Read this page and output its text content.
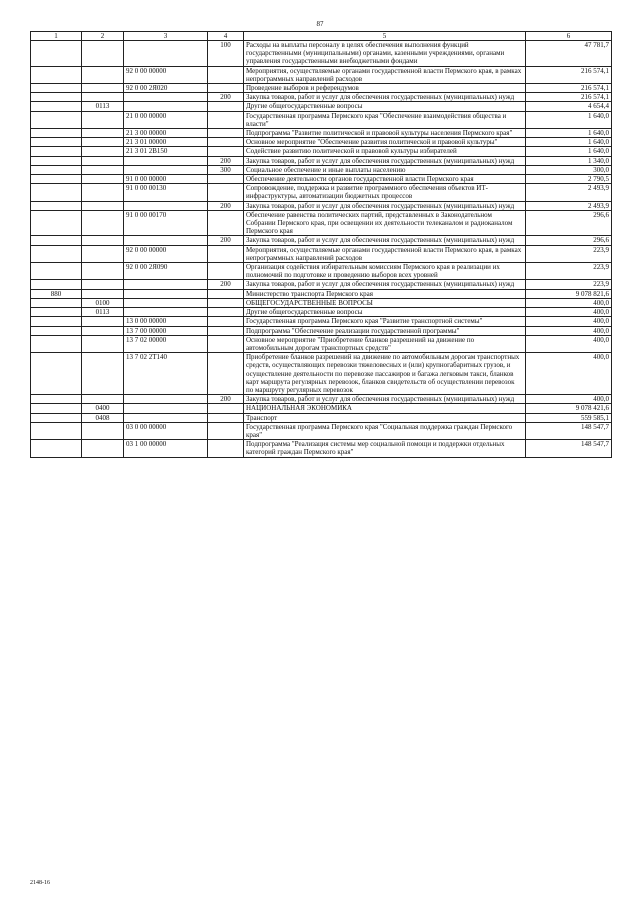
87
1	2	3	4	5	6
			100	Расходы на выплаты персоналу в целях обеспечения выполнения функций государственными (муниципальными) органами, казенными учреждениями, органами управления государственными внебюджетными фондами	47 781,7
		92 0 00 00000		Мероприятия, осуществляемые органами государственной власти Пермского края, в рамках непрограммных направлений расходов	216 574,1
		92 0 00 2Я020		Проведение выборов и референдумов	216 574,1
			200	Закупка товаров, работ и услуг для обеспечения государственных (муниципальных) нужд	216 574,1
	0113			Другие общегосударственные вопросы	4 654,4
		21 0 00 00000		Государственная программа Пермского края "Обеспечение взаимодействия общества и власти"	1 640,0
		21 3 00 00000		Подпрограмма "Развитие политической и правовой культуры населения Пермского края"	1 640,0
		21 3 01 00000		Основное мероприятие "Обеспечение развития политической и правовой культуры"	1 640,0
		21 3 01 2В150		Содействие развитию политической и правовой культуры избирателей	1 640,0
			200	Закупка товаров, работ и услуг для обеспечения государственных (муниципальных) нужд	1 340,0
			300	Социальное обеспечение и иные выплаты населению	300,0
		91 0 00 00000		Обеспечение деятельности органов государственной власти Пермского края	2 790,5
		91 0 00 00130		Сопровождение, поддержка и развитие программного обеспечения объектов ИТ-инфраструктуры, автоматизации бюджетных процессов	2 493,9
			200	Закупка товаров, работ и услуг для обеспечения государственных (муниципальных) нужд	2 493,9
		91 0 00 00170		Обеспечение равенства политических партий, представленных в Законодательном Собрании Пермского края, при освещении их деятельности телеканалом и радиоканалом Пермского края	296,6
			200	Закупка товаров, работ и услуг для обеспечения государственных (муниципальных) нужд	296,6
		92 0 00 00000		Мероприятия, осуществляемые органами государственной власти Пермского края, в рамках непрограммных направлений расходов	223,9
		92 0 00 2Я090		Организация содействия избирательным комиссиям Пермского края в реализации их полномочий по подготовке и проведению выборов всех уровней	223,9
			200	Закупка товаров, работ и услуг для обеспечения государственных (муниципальных) нужд	223,9
880				Министерство транспорта Пермского края	9 078 821,6
	0100			ОБЩЕГОСУДАРСТВЕННЫЕ ВОПРОСЫ	400,0
	0113			Другие общегосударственные вопросы	400,0
		13 0 00 00000		Государственная программа Пермского края "Развитие транспортной системы"	400,0
		13 7 00 00000		Подпрограмма "Обеспечение реализации государственной программы"	400,0
		13 7 02 00000		Основное мероприятие "Приобретение бланков разрешений на движение по автомобильным дорогам транспортных средств"	400,0
		13 7 02 2Т140		Приобретение бланков разрешений на движение по автомобильным дорогам транспортных средств, осуществляющих перевозки тяжеловесных и (или) крупногабаритных грузов, и осуществление деятельности по перевозке пассажиров и багажа легковым такси, бланков карт маршрута регулярных перевозок, бланков свидетельств об осуществлении перевозок по маршруту регулярных перевозок	400,0
			200	Закупка товаров, работ и услуг для обеспечения государственных (муниципальных) нужд	400,0
	0400			НАЦИОНАЛЬНАЯ ЭКОНОМИКА	9 078 421,6
	0408			Транспорт	559 585,1
		03 0 00 00000		Государственная программа Пермского края "Социальная поддержка граждан Пермского края"	148 547,7
		03 1 00 00000		Подпрограмма "Реализация системы мер социальной помощи и поддержки отдельных категорий граждан Пермского края"	148 547,7
2148-16
